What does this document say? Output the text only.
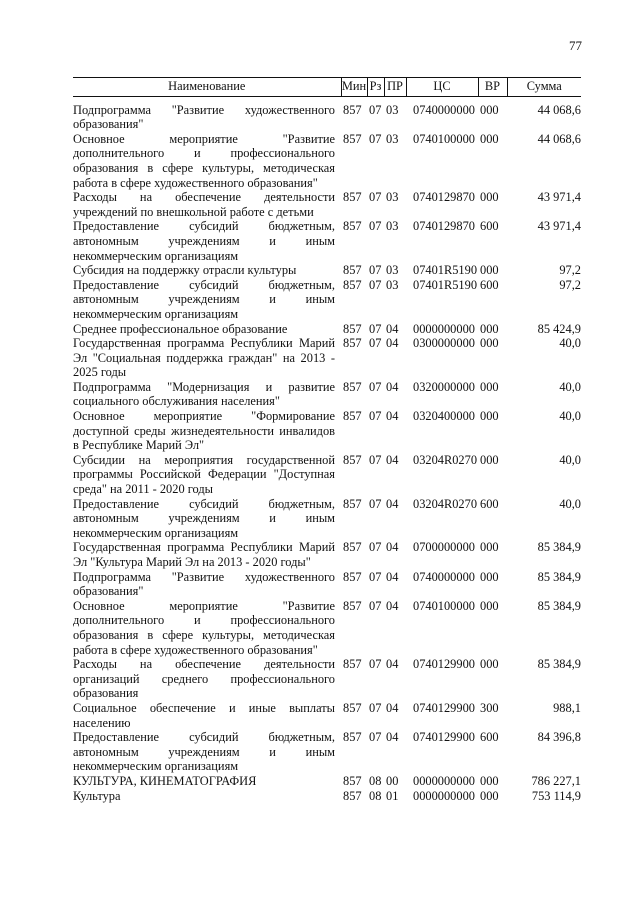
77
Наименование	Мин	Рз	ПР	ЦС	ВР	Сумма
Подпрограмма "Развитие художественного образования"	857	07	03	0740000000	000	44 068,6
Основное мероприятие "Развитие дополнительного и профессионального образования в сфере культуры, методическая работа в сфере художественного образования"	857	07	03	0740100000	000	44 068,6
Расходы на обеспечение деятельности учреждений по внешкольной работе с детьми	857	07	03	0740129870	000	43 971,4
Предоставление субсидий бюджетным, автономным учреждениям и иным некоммерческим организациям	857	07	03	0740129870	600	43 971,4
Субсидия на поддержку отрасли культуры	857	07	03	07401R5190	000	97,2
Предоставление субсидий бюджетным, автономным учреждениям и иным некоммерческим организациям	857	07	03	07401R5190	600	97,2
Среднее профессиональное образование	857	07	04	0000000000	000	85 424,9
Государственная программа Республики Марий Эл "Социальная поддержка граждан" на 2013 - 2025 годы	857	07	04	0300000000	000	40,0
Подпрограмма "Модернизация и развитие социального обслуживания населения"	857	07	04	0320000000	000	40,0
Основное мероприятие "Формирование доступной среды жизнедеятельности инвалидов в Республике Марий Эл"	857	07	04	0320400000	000	40,0
Субсидии на мероприятия государственной программы Российской Федерации "Доступная среда" на 2011 - 2020 годы	857	07	04	03204R0270	000	40,0
Предоставление субсидий бюджетным, автономным учреждениям и иным некоммерческим организациям	857	07	04	03204R0270	600	40,0
Государственная программа Республики Марий Эл "Культура Марий Эл на 2013 - 2020 годы"	857	07	04	0700000000	000	85 384,9
Подпрограмма "Развитие художественного образования"	857	07	04	0740000000	000	85 384,9
Основное мероприятие "Развитие дополнительного и профессионального образования в сфере культуры, методическая работа в сфере художественного образования"	857	07	04	0740100000	000	85 384,9
Расходы на обеспечение деятельности организаций среднего профессионального образования	857	07	04	0740129900	000	85 384,9
Социальное обеспечение и иные выплаты населению	857	07	04	0740129900	300	988,1
Предоставление субсидий бюджетным, автономным учреждениям и иным некоммерческим организациям	857	07	04	0740129900	600	84 396,8
КУЛЬТУРА, КИНЕМАТОГРАФИЯ	857	08	00	0000000000	000	786 227,1
Культура	857	08	01	0000000000	000	753 114,9
